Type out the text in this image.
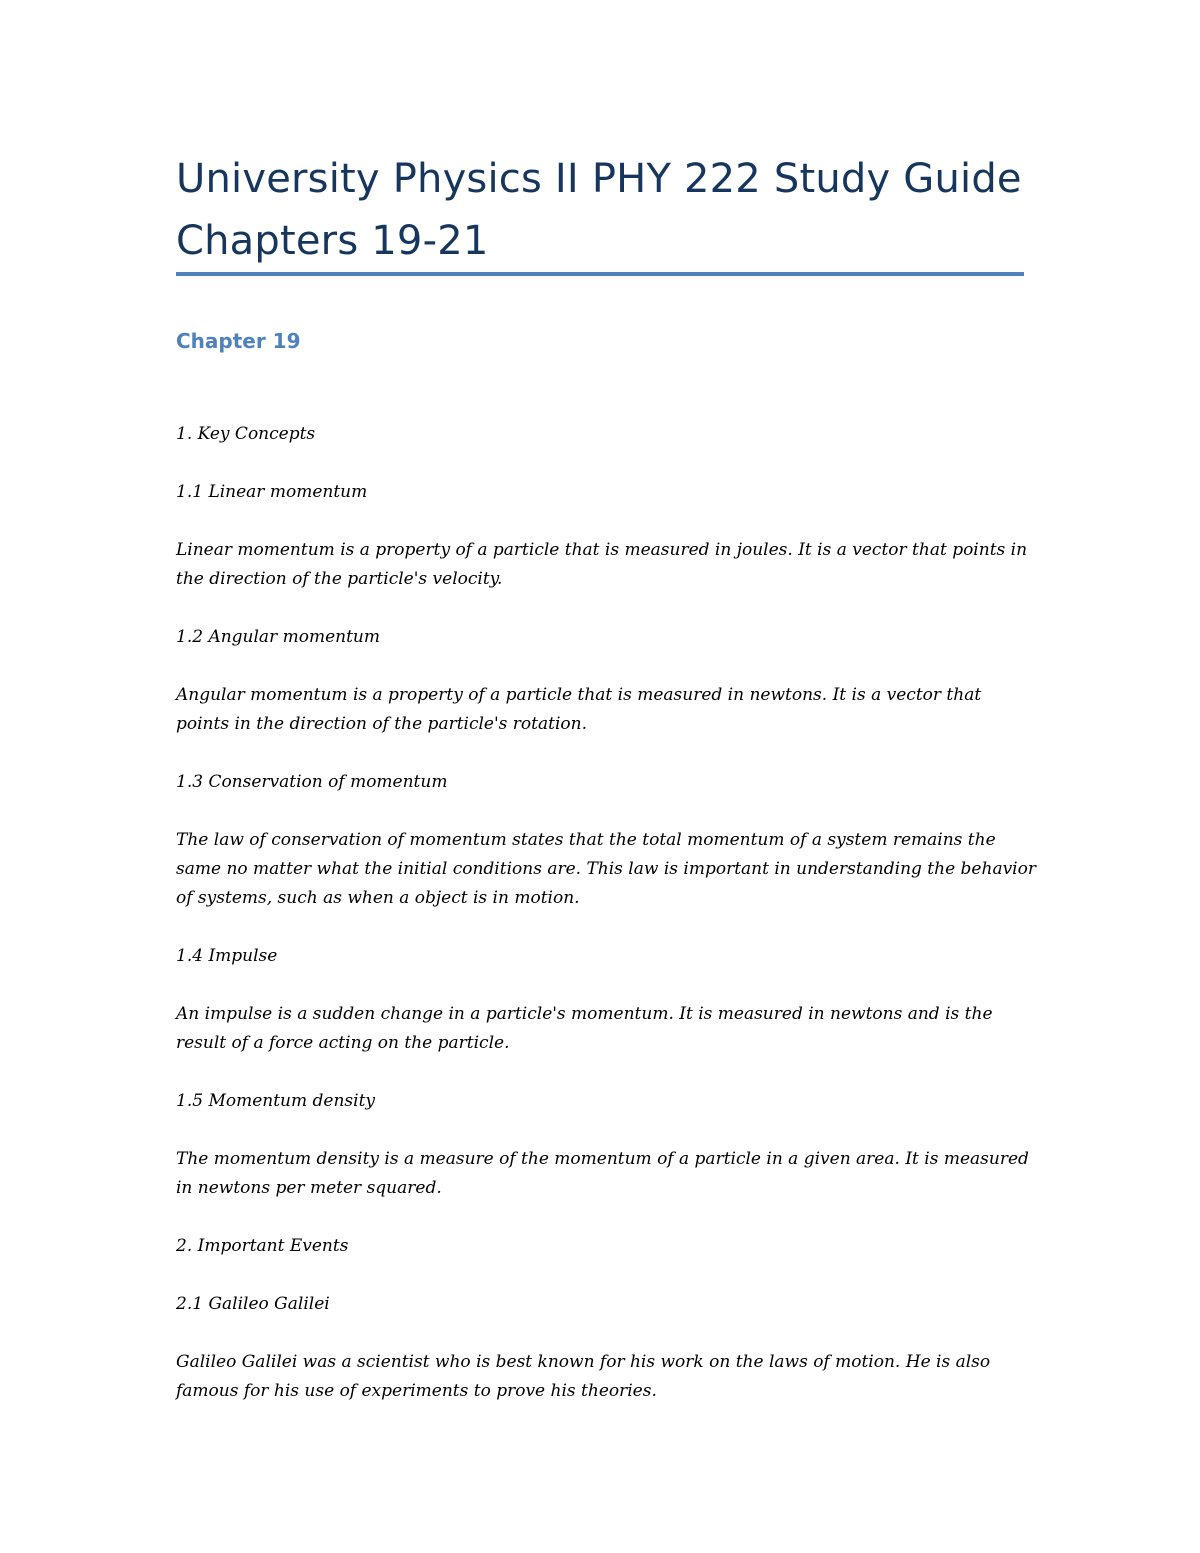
University Physics II PHY 222 Study Guide Chapters 19-21
Chapter 19

1. Key Concepts

1.1 Linear momentum

Linear momentum is a property of a particle that is measured in joules. It is a vector that points in the direction of the particle's velocity.

1.2 Angular momentum

Angular momentum is a property of a particle that is measured in newtons. It is a vector that points in the direction of the particle's rotation.

1.3 Conservation of momentum

The law of conservation of momentum states that the total momentum of a system remains the same no matter what the initial conditions are. This law is important in understanding the behavior of systems, such as when a object is in motion.

1.4 Impulse

An impulse is a sudden change in a particle's momentum. It is measured in newtons and is the result of a force acting on the particle.

1.5 Momentum density

The momentum density is a measure of the momentum of a particle in a given area. It is measured in newtons per meter squared.

2. Important Events

2.1 Galileo Galilei

Galileo Galilei was a scientist who is best known for his work on the laws of motion. He is also famous for his use of experiments to prove his theories.
